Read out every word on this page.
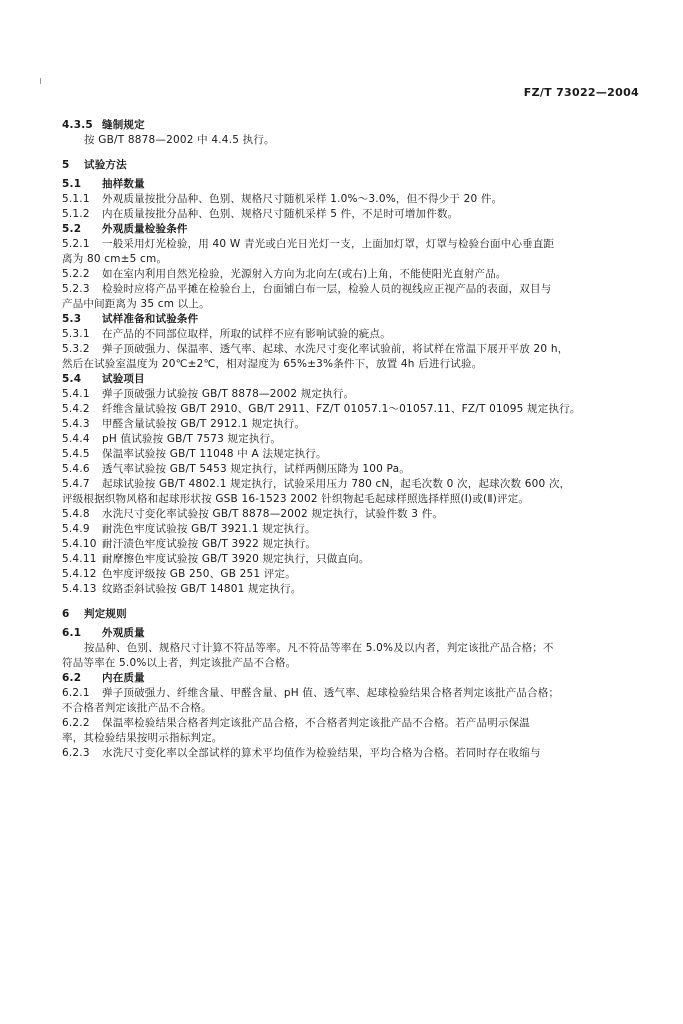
FZ/T 73022—2004
4.3.5 缝制规定
按 GB/T 8878—2002 中 4.4.5 执行。
5 试验方法
5.1 抽样数量
5.1.1 外观质量按批分品种、色别、规格尺寸随机采样 1.0%～3.0%，但不得少于 20 件。
5.1.2 内在质量按批分品种、色别、规格尺寸随机采样 5 件，不足时可增加件数。
5.2 外观质量检验条件
5.2.1 一般采用灯光检验，用 40 W 青光或白光日光灯一支，上面加灯罩，灯罩与检验台面中心垂直距
离为 80 cm±5 cm。
5.2.2 如在室内利用自然光检验，光源射入方向为北向左(或右)上角，不能使阳光直射产品。
5.2.3 检验时应将产品平摊在检验台上，台面铺白布一层，检验人员的视线应正视产品的表面，双目与
产品中间距离为 35 cm 以上。
5.3 试样准备和试验条件
5.3.1 在产品的不同部位取样，所取的试样不应有影响试验的疵点。
5.3.2 弹子顶破强力、保温率、透气率、起球、水洗尺寸变化率试验前，将试样在常温下展开平放 20 h，
然后在试验室温度为 20℃±2℃，相对湿度为 65%±3%条件下，放置 4h 后进行试验。
5.4 试验项目
5.4.1 弹子顶破强力试验按 GB/T 8878—2002 规定执行。
5.4.2 纤维含量试验按 GB/T 2910、GB/T 2911、FZ/T 01057.1～01057.11、FZ/T 01095 规定执行。
5.4.3 甲醛含量试验按 GB/T 2912.1 规定执行。
5.4.4 pH 值试验按 GB/T 7573 规定执行。
5.4.5 保温率试验按 GB/T 11048 中 A 法规定执行。
5.4.6 透气率试验按 GB/T 5453 规定执行，试样两侧压降为 100 Pa。
5.4.7 起球试验按 GB/T 4802.1 规定执行，试验采用压力 780 cN，起毛次数 0 次，起球次数 600 次，
评级根据织物风格和起球形状按 GSB 16-1523 2002 针织物起毛起球样照选择样照(Ⅰ)或(Ⅱ)评定。
5.4.8 水洗尺寸变化率试验按 GB/T 8878—2002 规定执行，试验件数 3 件。
5.4.9 耐洗色牢度试验按 GB/T 3921.1 规定执行。
5.4.10 耐汗渍色牢度试验按 GB/T 3922 规定执行。
5.4.11 耐摩擦色牢度试验按 GB/T 3920 规定执行，只做直向。
5.4.12 色牢度评级按 GB 250、GB 251 评定。
5.4.13 纹路歪斜试验按 GB/T 14801 规定执行。
6 判定规则
6.1 外观质量
按品种、色别、规格尺寸计算不符品等率。凡不符品等率在 5.0%及以内者，判定该批产品合格；不
符品等率在 5.0%以上者，判定该批产品不合格。
6.2 内在质量
6.2.1 弹子顶破强力、纤维含量、甲醛含量、pH 值、透气率、起球检验结果合格者判定该批产品合格；
不合格者判定该批产品不合格。
6.2.2 保温率检验结果合格者判定该批产品合格，不合格者判定该批产品不合格。若产品明示保温
率，其检验结果按明示指标判定。
6.2.3 水洗尺寸变化率以全部试样的算术平均值作为检验结果，平均合格为合格。若同时存在收缩与
